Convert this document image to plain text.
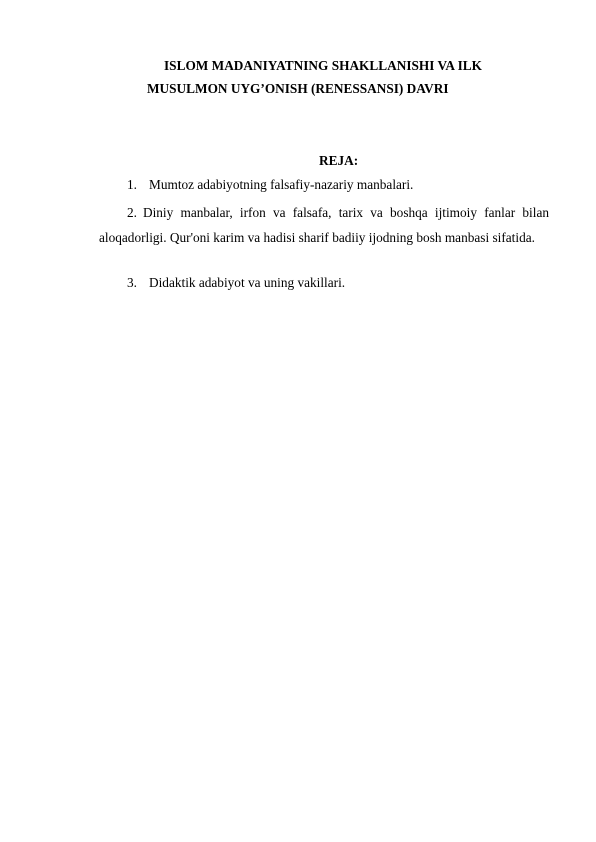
ISLOM MADANIYATNING SHAKLLANISHI VA ILK
MUSULMON UYG’ONISH (RENESSANSI) DAVRI
REJA:
1. Mumtoz adabiyotning falsafiy-nazariy manbalari.
2. Diniy manbalar, irfon va falsafa, tarix va boshqa ijtimoiy fanlar bilan aloqadorligi. Qur'oni karim va hadisi sharif badiiy ijodning bosh manbasi sifatida.
3. Didaktik adabiyot va uning vakillari.
